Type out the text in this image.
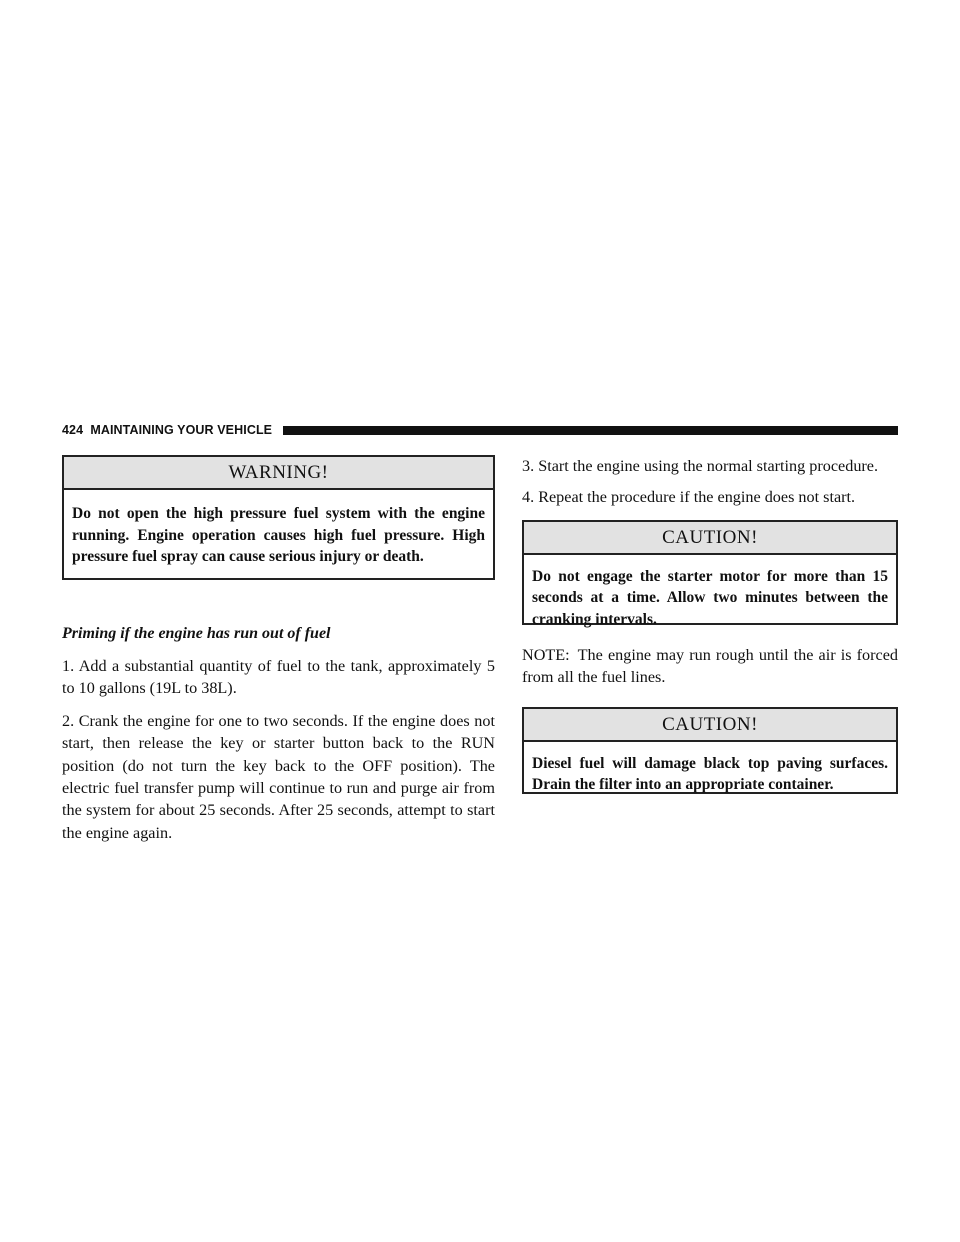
424 MAINTAINING YOUR VEHICLE
WARNING!
Do not open the high pressure fuel system with the engine running. Engine operation causes high fuel pressure. High pressure fuel spray can cause serious injury or death.

Priming if the engine has run out of fuel

1. Add a substantial quantity of fuel to the tank, approximately 5 to 10 gallons (19L to 38L).

2. Crank the engine for one to two seconds. If the engine does not start, then release the key or starter button back to the RUN position (do not turn the key back to the OFF position). The electric fuel transfer pump will continue to run and purge air from the system for about 25 seconds. After 25 seconds, attempt to start the engine again.

3. Start the engine using the normal starting procedure.

4. Repeat the procedure if the engine does not start.

CAUTION!
Do not engage the starter motor for more than 15 seconds at a time. Allow two minutes between the cranking intervals.

NOTE: The engine may run rough until the air is forced from all the fuel lines.

CAUTION!
Diesel fuel will damage black top paving surfaces. Drain the filter into an appropriate container.
